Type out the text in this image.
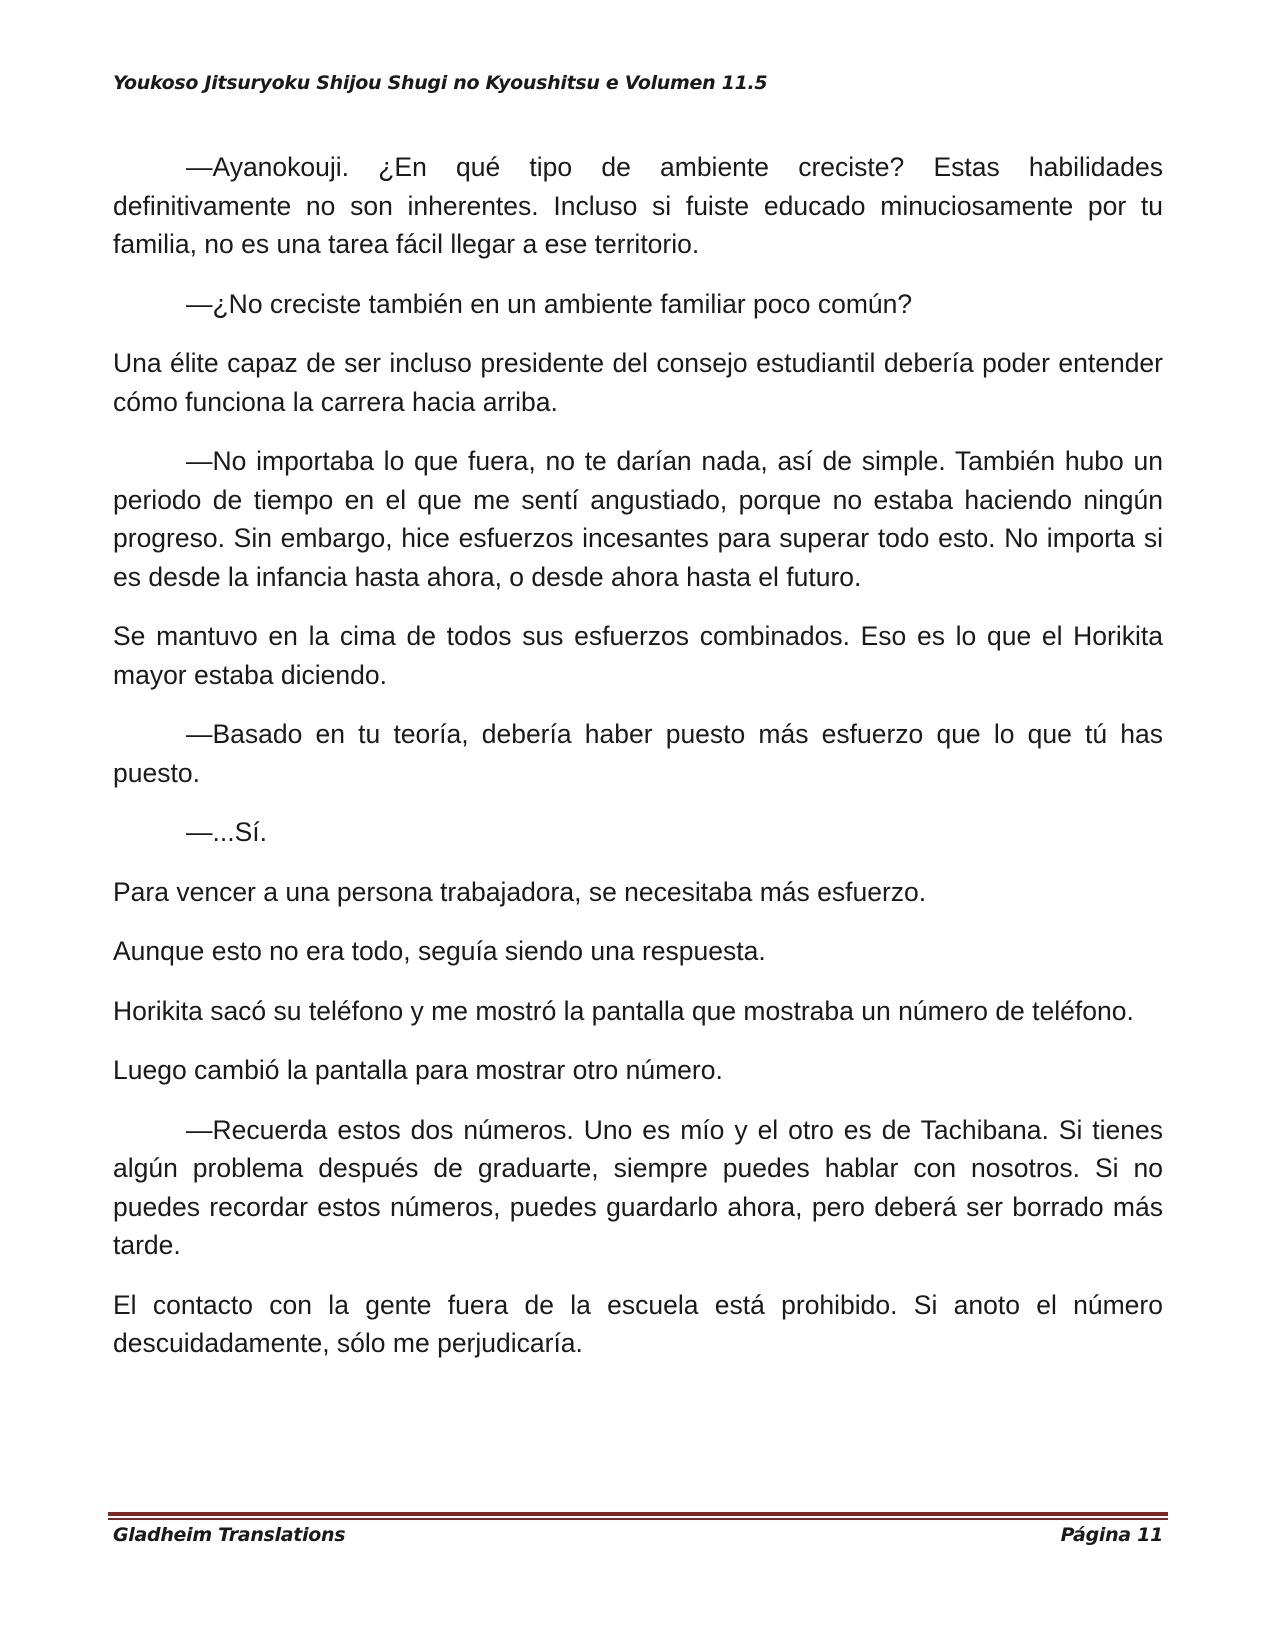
Youkoso Jitsuryoku Shijou Shugi no Kyoushitsu e Volumen 11.5

—Ayanokouji. ¿En qué tipo de ambiente creciste? Estas habilidades definitivamente no son inherentes. Incluso si fuiste educado minuciosamente por tu familia, no es una tarea fácil llegar a ese territorio.

—¿No creciste también en un ambiente familiar poco común?

Una élite capaz de ser incluso presidente del consejo estudiantil debería poder entender cómo funciona la carrera hacia arriba.

—No importaba lo que fuera, no te darían nada, así de simple. También hubo un periodo de tiempo en el que me sentí angustiado, porque no estaba haciendo ningún progreso. Sin embargo, hice esfuerzos incesantes para superar todo esto. No importa si es desde la infancia hasta ahora, o desde ahora hasta el futuro.

Se mantuvo en la cima de todos sus esfuerzos combinados. Eso es lo que el Horikita mayor estaba diciendo.

—Basado en tu teoría, debería haber puesto más esfuerzo que lo que tú has puesto.

—...Sí.

Para vencer a una persona trabajadora, se necesitaba más esfuerzo.

Aunque esto no era todo, seguía siendo una respuesta.

Horikita sacó su teléfono y me mostró la pantalla que mostraba un número de teléfono.

Luego cambió la pantalla para mostrar otro número.

—Recuerda estos dos números. Uno es mío y el otro es de Tachibana. Si tienes algún problema después de graduarte, siempre puedes hablar con nosotros. Si no puedes recordar estos números, puedes guardarlo ahora, pero deberá ser borrado más tarde.

El contacto con la gente fuera de la escuela está prohibido. Si anoto el número descuidadamente, sólo me perjudicaría.

Gladheim Translations	Página 11
